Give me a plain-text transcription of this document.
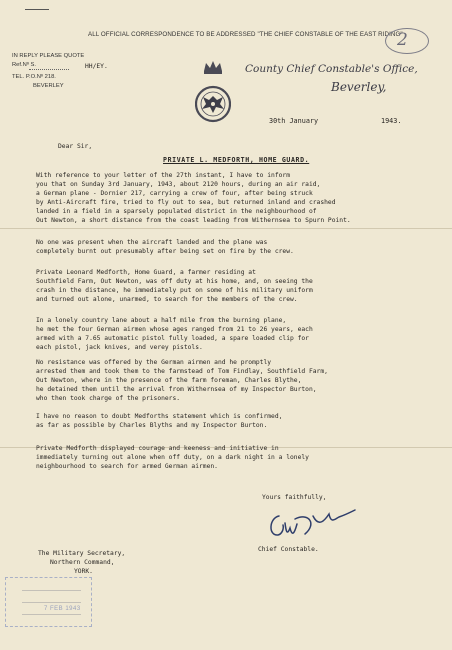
ALL OFFICIAL CORRESPONDENCE TO BE ADDRESSED "THE CHIEF CONSTABLE OF THE EAST RIDING"
2
IN REPLY PLEASE QUOTE
Ref.Nº S.	HH/EY.
TEL. P.O.Nº 218.
BEVERLEY
County Chief Constable's Office,
Beverley,
30th January	1943.
Dear Sir,
PRIVATE L. MEDFORTH, HOME GUARD.

With reference to your letter of the 27th instant, I have to inform

you that on Sunday 3rd January, 1943, about 2120 hours, during an air raid,

a German plane - Dornier 217, carrying a crew of four, after being struck

by Anti-Aircraft fire, tried to fly out to sea, but returned inland and crashed

landed in a field in a sparsely populated district in the neighbourhood of

Out Newton, a short distance from the coast leading from Withernsea to Spurn Point.

No one was present when the aircraft landed and the plane was

completely burnt out presumably after being set on fire by the crew.

Private Leonard Medforth, Home Guard, a farmer residing at

Southfield Farm, Out Newton, was off duty at his home, and, on seeing the

crash in the distance, he immediately put on some of his military uniform

and turned out alone, unarmed, to search for the members of the crew.

In a lonely country lane about a half mile from the burning plane,

he met the four German airmen whose ages ranged from 21 to 26 years, each

armed with a 7.65 automatic pistol fully loaded, a spare loaded clip for

each pistol, jack knives, and verey pistols.

No resistance was offered by the German airmen and he promptly

arrested them and took them to the farmstead of Tom Findlay, Southfield Farm,

Out Newton, where in the presence of the farm foreman, Charles Blythe,

he detained them until the arrival from Withernsea of my Inspector Burton,

who then took charge of the prisoners.

I have no reason to doubt Medforths statement which is confirmed,

as far as possible by Charles Blyths and my Inspector Burton.

Private Medforth displayed courage and keeness and initiative in

immediately turning out alone when off duty, on a dark night in a lonely

neighbourhood to search for armed German airmen.

Yours faithfully,
Chief Constable.
The Military Secretary,
Northern Command,
YORK.
7 FEB 1943
